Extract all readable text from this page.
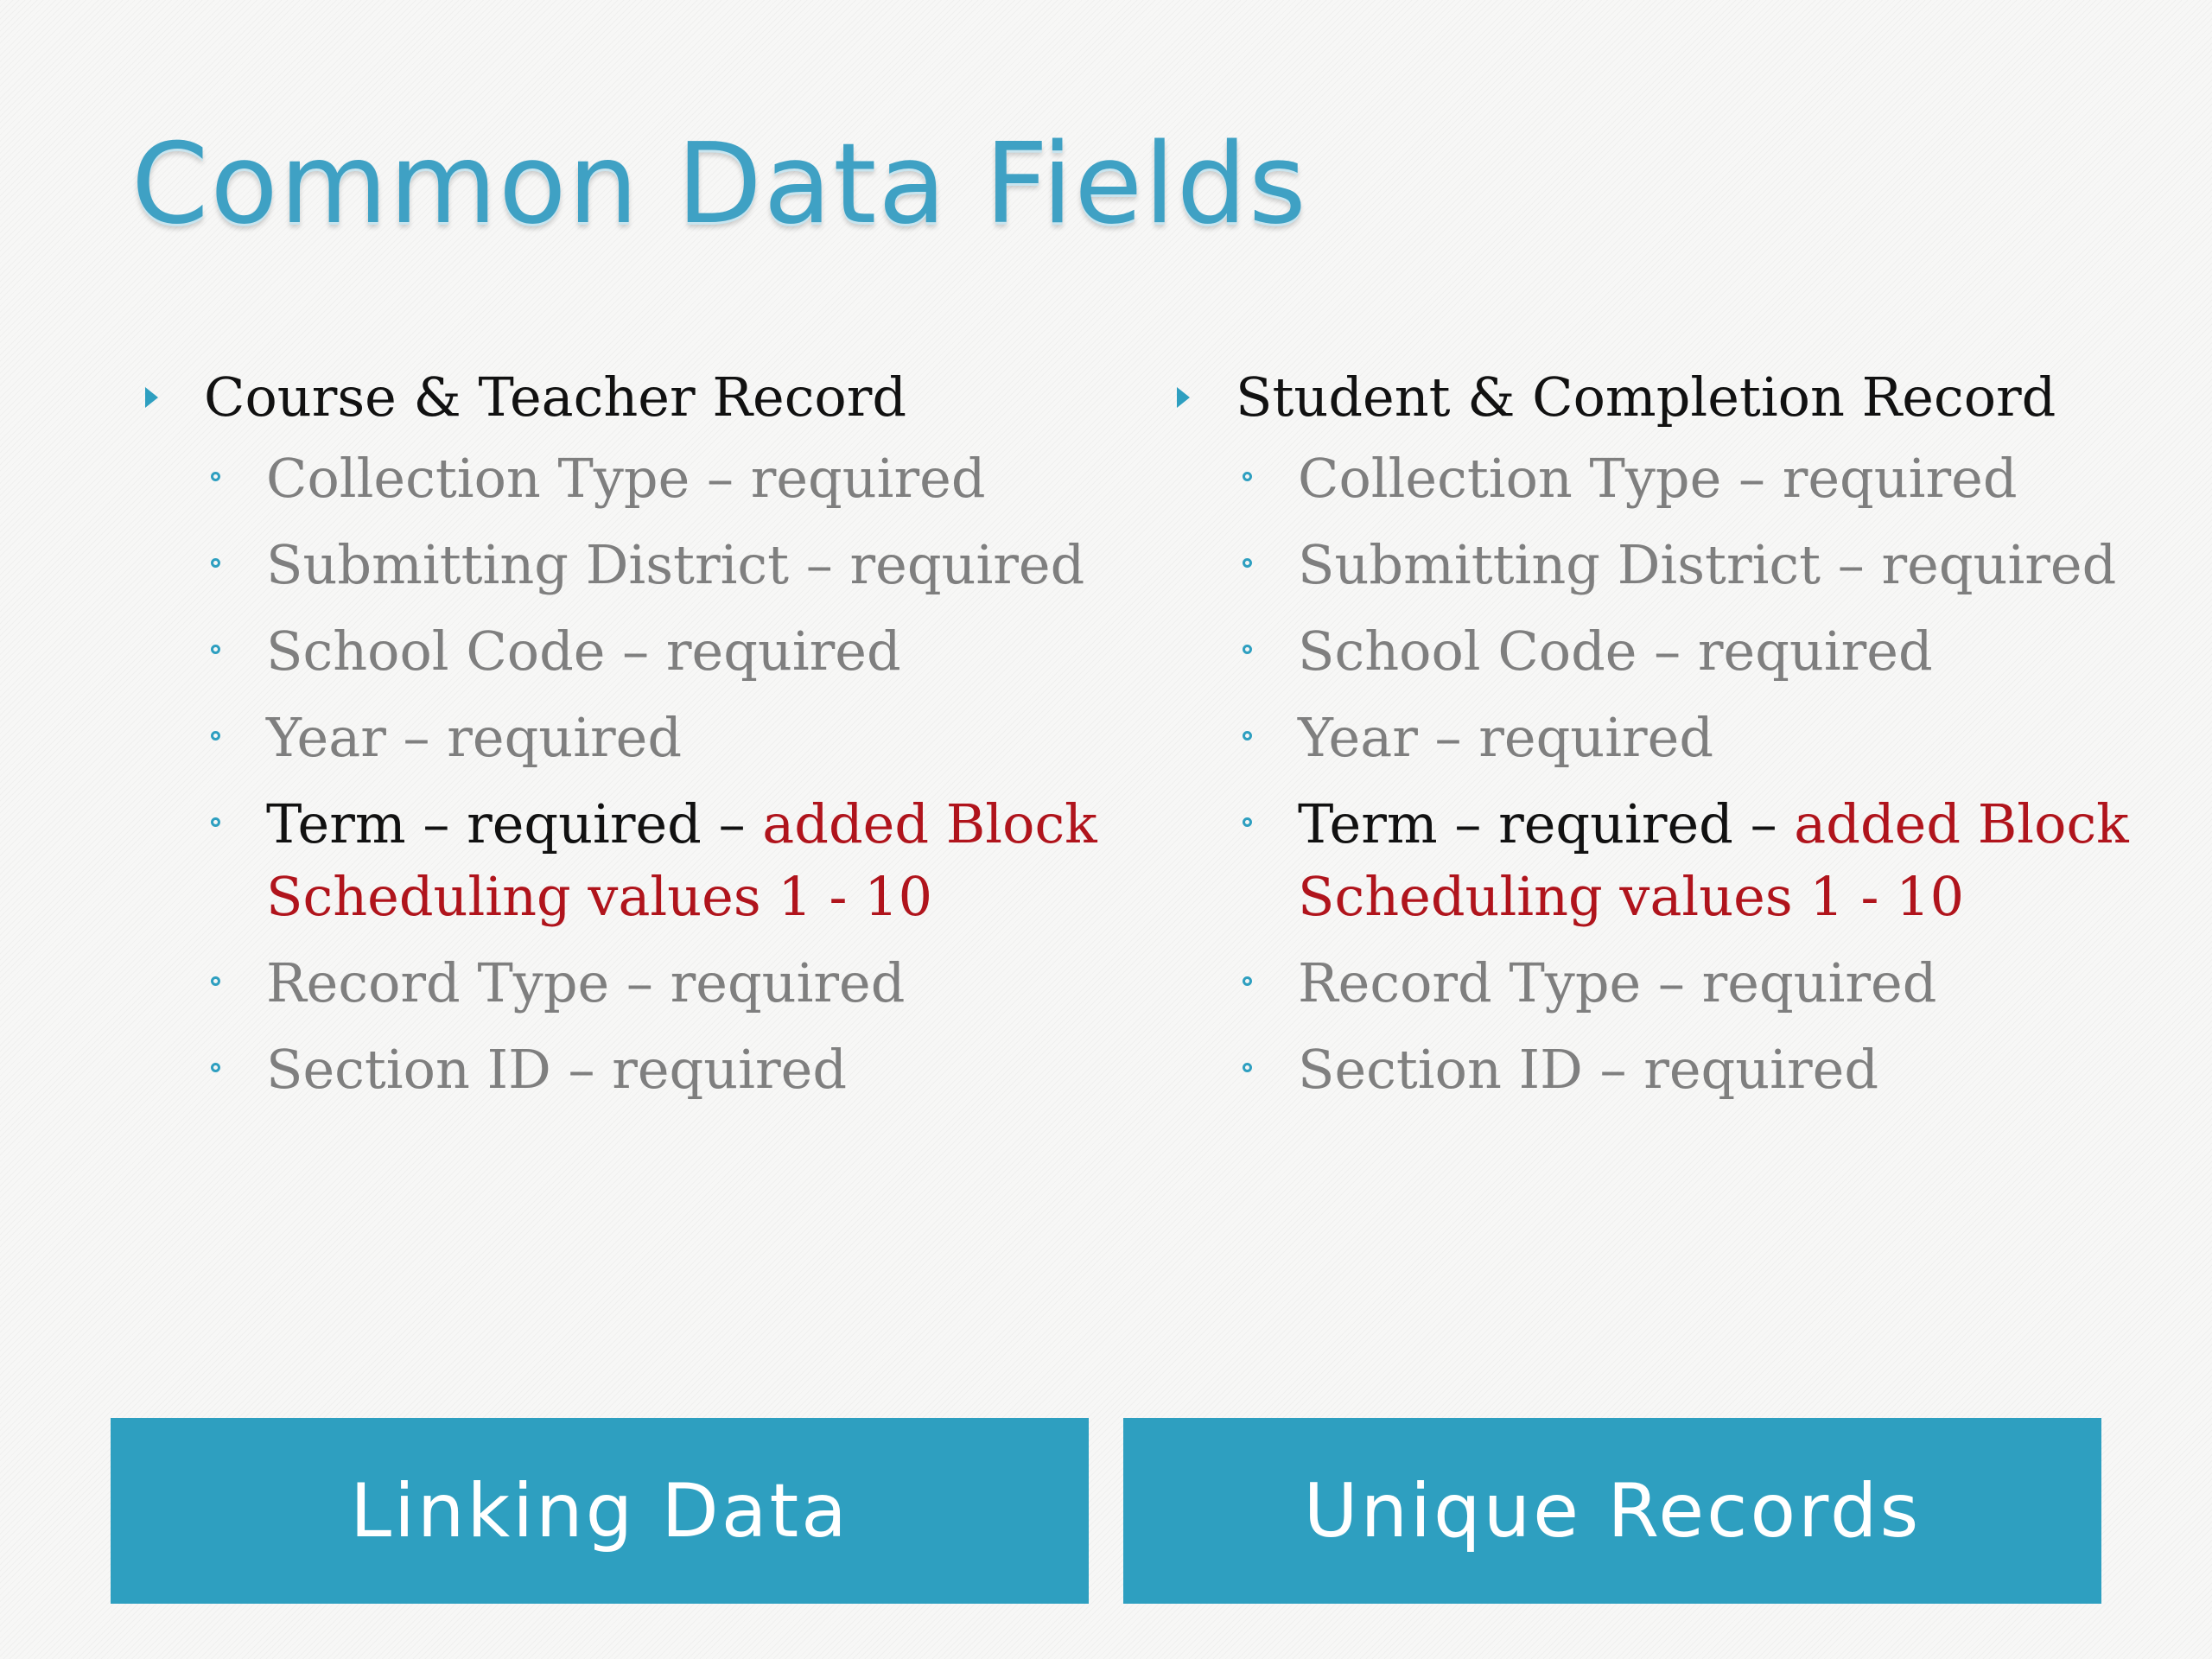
Common Data Fields
Course & Teacher Record
Collection Type – required
Submitting District – required
School Code – required
Year – required
Term – required – added Block Scheduling values 1 - 10
Record Type – required
Section ID – required
Student & Completion Record
Collection Type – required
Submitting District – required
School Code – required
Year – required
Term – required – added Block Scheduling values 1 - 10
Record Type – required
Section ID – required
Linking Data	Unique Records
